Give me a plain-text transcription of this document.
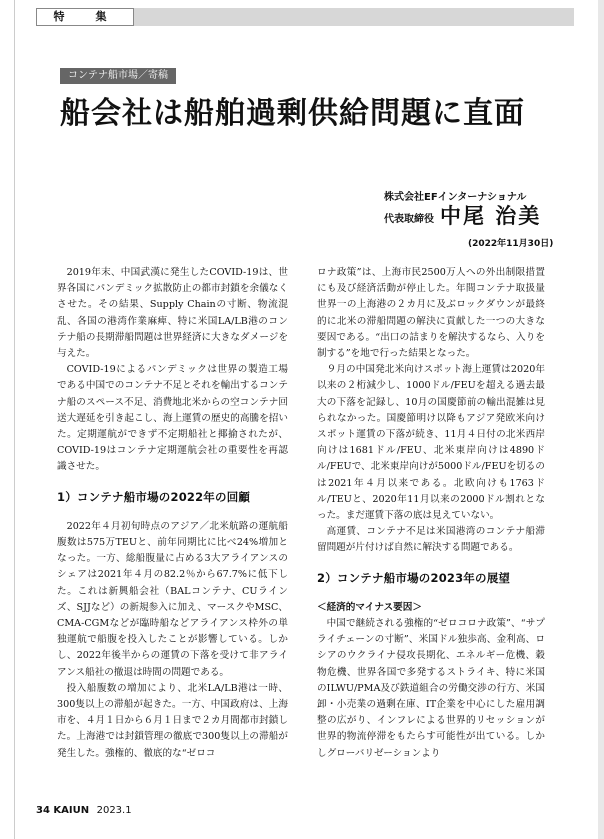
特　集
コンテナ船市場／寄稿
船会社は船舶過剰供給問題に直面
株式会社EFインターナショナル
代表取締役 中尾 治美
(2022年11月30日)

2019年末、中国武漢に発生したCOVID-19は、世界各国にパンデミック拡散防止の都市封鎖を余儀なくさせた。その結果、Supply Chainの寸断、物流混乱、各国の港湾作業麻痺、特に米国LA/LB港のコンテナ船の長期滞船問題は世界経済に大きなダメージを与えた。

COVID-19によるパンデミックは世界の製造工場である中国でのコンテナ不足とそれを輸出するコンテナ船のスペース不足、消費地北米からの空コンテナ回送大遅延を引き起こし、海上運賃の歴史的高騰を招いた。定期運航ができず不定期船社と揶揄されたが、COVID-19はコンテナ定期運航会社の重要性を再認識させた。

1）コンテナ船市場の2022年の回顧

2022年４月初旬時点のアジア／北米航路の運航船腹数は575万TEUと、前年同期比に比べ24%増加となった。一方、総船腹量に占める3大アライアンスのシェアは2021年４月の82.2％から67.7%に低下した。これは新興船会社（BALコンテナ、CUラインズ、SJJなど）の新規参入に加え、マースクやMSC、CMA-CGMなどが臨時船などアライアンス枠外の単独運航で船腹を投入したことが影響している。しかし、2022年後半からの運賃の下落を受けて非アライアンス船社の撤退は時間の問題である。

投入船腹数の増加により、北米LA/LB港は一時、300隻以上の滞船が起きた。一方、中国政府は、上海市を、４月１日から６月１日まで２カ月間都市封鎖した。上海港では封鎖管理の徹底で300隻以上の滞船が発生した。強権的、徹底的な“ゼロコ

ロナ政策”は、上海市民2500万人への外出制限措置にも及び経済活動が停止した。年間コンテナ取扱量世界一の上海港の２カ月に及ぶロックダウンが最終的に北米の滞船問題の解決に貢献した一つの大きな要因である。“出口の詰まりを解決するなら、入りを制する”を地で行った結果となった。

９月の中国発北米向けスポット海上運賃は2020年以来の２桁減少し、1000ドル/FEUを超える過去最大の下落を記録し、10月の国慶節前の輸出混雑は見られなかった。国慶節明け以降もアジア発欧米向けスポット運賃の下落が続き、11月４日付の北米西岸向けは1681ドル/FEU、北米東岸向けは4890ドル/FEUで、北米東岸向けが5000ドル/FEUを切るのは2021年４月以来である。北欧向けも1763ドル/TEUと、2020年11月以来の2000ドル割れとなった。まだ運賃下落の底は見えていない。

高運賃、コンテナ不足は米国港湾のコンテナ船滞留問題が片付けば自然に解決する問題である。

2）コンテナ船市場の2023年の展望

＜経済的マイナス要因＞

中国で継続される強権的“ゼロコロナ政策”、“サプライチェーンの寸断”、米国ドル独歩高、金利高、ロシアのウクライナ侵攻長期化、エネルギー危機、穀物危機、世界各国で多発するストライキ、特に米国のILWU/PMA及び鉄道組合の労働交渉の行方、米国卸・小売業の過剰在庫、IT企業を中心にした雇用調整の広がり、インフレによる世界的リセッションが世界的物流停滞をもたらす可能性が出ている。しかしグローバリゼーションより

34 KAIUN 2023.1
